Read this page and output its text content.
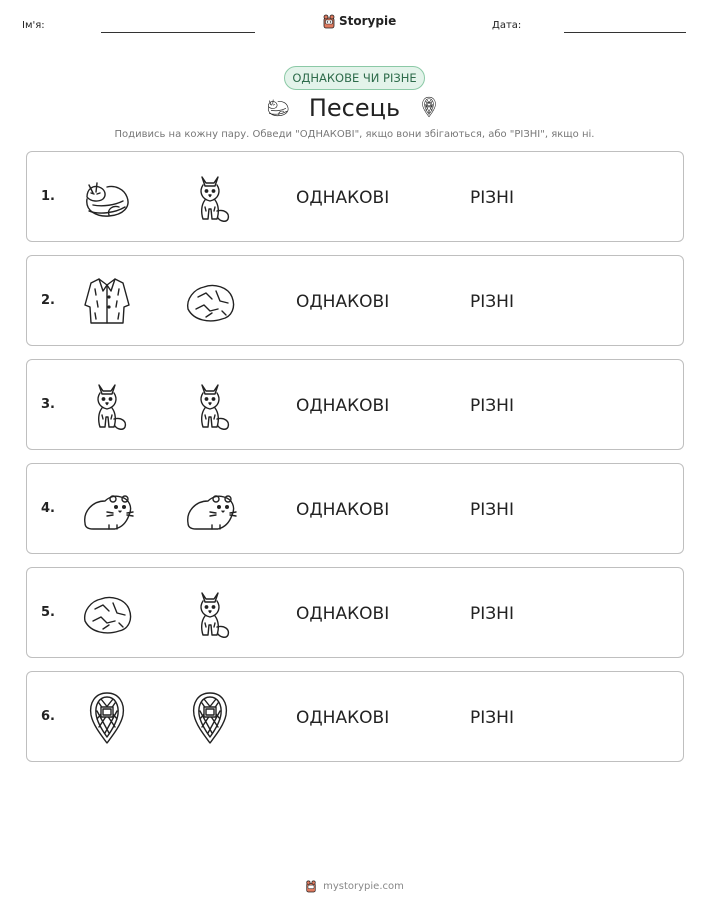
Ім'я:	Storypie	Дата:
ОДНАКОВЕ ЧИ РІЗНЕ
Песець
Подивись на кожну пару. Обведи "ОДНАКОВІ", якщо вони збігаються, або "РІЗНІ", якщо ні.
1.	ОДНАКОВІ	РІЗНІ
2.	ОДНАКОВІ	РІЗНІ
3.	ОДНАКОВІ	РІЗНІ
4.	ОДНАКОВІ	РІЗНІ
5.	ОДНАКОВІ	РІЗНІ
6.	ОДНАКОВІ	РІЗНІ
mystorypie.com
